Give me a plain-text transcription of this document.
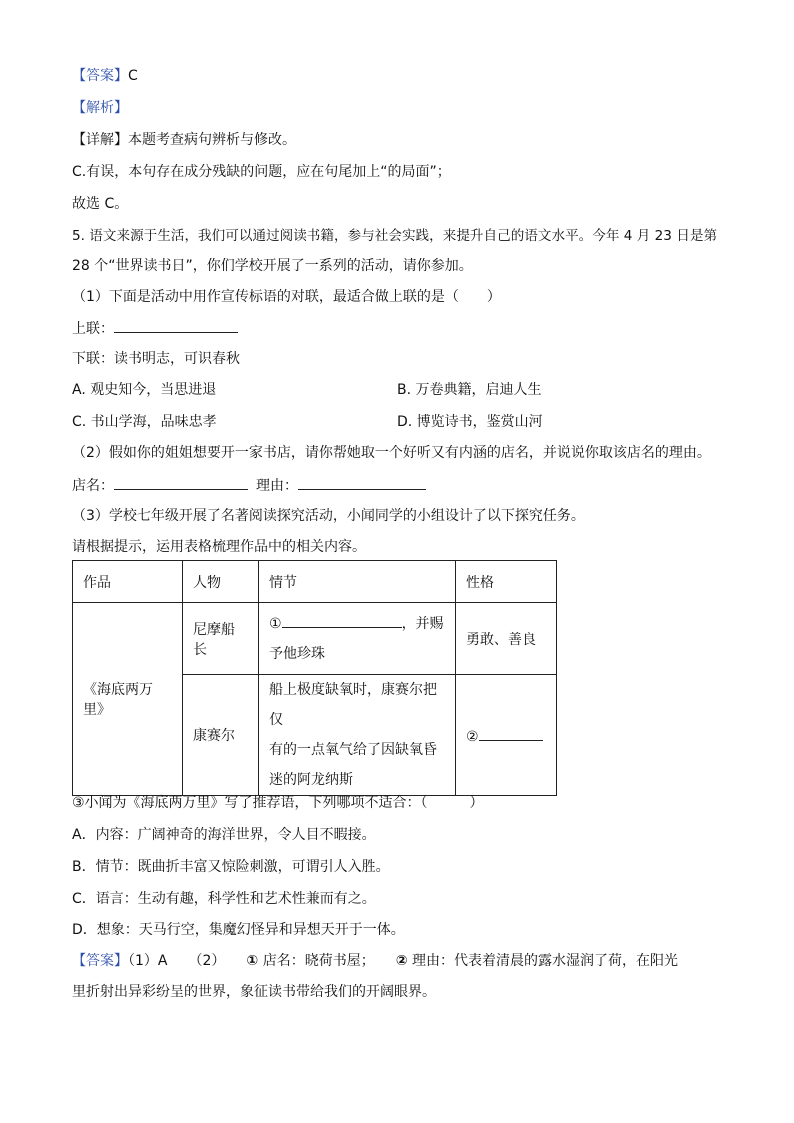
【答案】C
【解析】
【详解】本题考查病句辨析与修改。
C.有误，本句存在成分残缺的问题，应在句尾加上“的局面”；
故选 C。
5. 语文来源于生活，我们可以通过阅读书籍，参与社会实践，来提升自己的语文水平。今年 4 月 23 日是第
28 个“世界读书日”，你们学校开展了一系列的活动，请你参加。
（1）下面是活动中用作宣传标语的对联，最适合做上联的是（　　）
上联：
下联：读书明志，可识春秋
A. 观史知今，当思进退	B. 万卷典籍，启迪人生
C. 书山学海，品味忠孝	D. 博览诗书，鉴赏山河
（2）假如你的姐姐想要开一家书店，请你帮她取一个好听又有内涵的店名，并说说你取该店名的理由。
店名：	理由：
（3）学校七年级开展了名著阅读探究活动，小闻同学的小组设计了以下探究任务。
请根据提示，运用表格梳理作品中的相关内容。
作品	人物	情节	性格
《海底两万里》	尼摩船长	① ，并赐
予他珍珠	勇敢、善良
	康赛尔	船上极度缺氧时，康赛尔把仅
有的一点氧气给了因缺氧昏
迷的阿龙纳斯	②
③小闻为《海底两万里》写了推荐语，下列哪项不适合：（　　　）
A．内容：广阔神奇的海洋世界，令人目不暇接。
B．情节：既曲折丰富又惊险刺激，可谓引人入胜。
C．语言：生动有趣，科学性和艺术性兼而有之。
D．想象：天马行空，集魔幻怪异和异想天开于一体。
【答案】（1）A　　（2）　　① 店名：晓荷书屋；　　② 理由：代表着清晨的露水湿润了荷，在阳光
里折射出异彩纷呈的世界，象征读书带给我们的开阔眼界。
